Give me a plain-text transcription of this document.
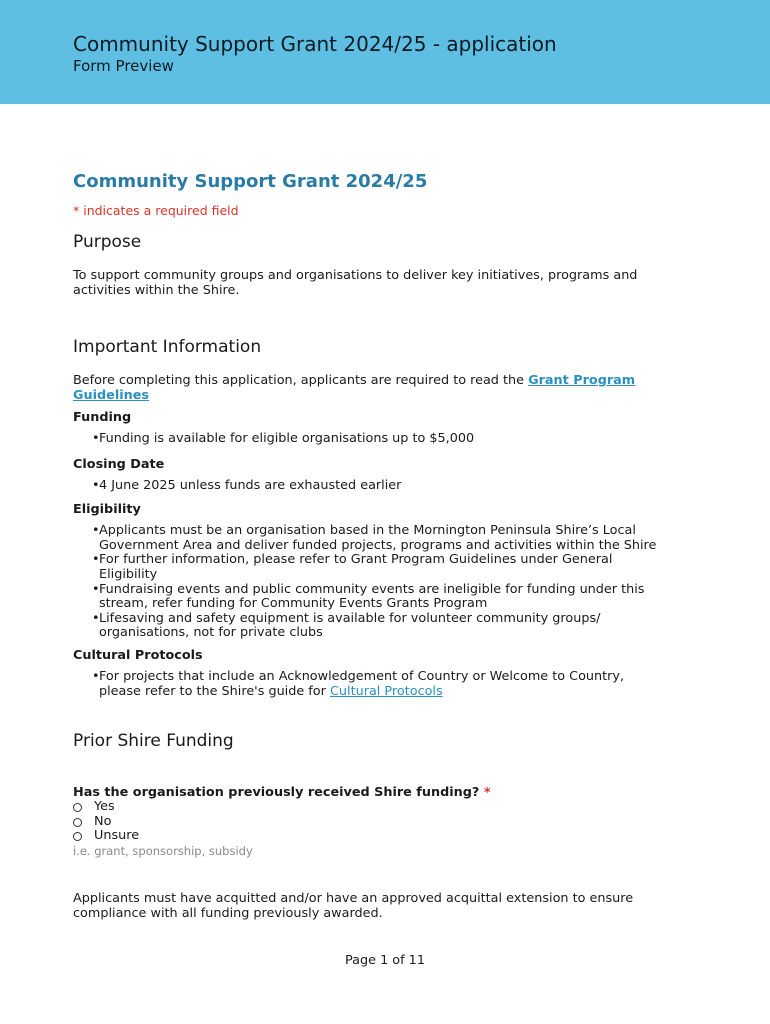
Community Support Grant 2024/25 - application
Form Preview
Community Support Grant 2024/25
* indicates a required field
Purpose

To support community groups and organisations to deliver key initiatives, programs and activities within the Shire.

Important Information

Before completing this application, applicants are required to read the Grant Program Guidelines

Funding
• Funding is available for eligible organisations up to $5,000
Closing Date
• 4 June 2025 unless funds are exhausted earlier
Eligibility
• Applicants must be an organisation based in the Mornington Peninsula Shire’s Local Government Area and deliver funded projects, programs and activities within the Shire
• For further information, please refer to Grant Program Guidelines under General Eligibility
• Fundraising events and public community events are ineligible for funding under this stream, refer funding for Community Events Grants Program
• Lifesaving and safety equipment is available for volunteer community groups/ organisations, not for private clubs
Cultural Protocols
• For projects that include an Acknowledgement of Country or Welcome to Country, please refer to the Shire's guide for Cultural Protocols
Prior Shire Funding
Has the organisation previously received Shire funding? *
Yes
No
Unsure
i.e. grant, sponsorship, subsidy

Applicants must have acquitted and/or have an approved acquittal extension to ensure compliance with all funding previously awarded.

Page 1 of 11
